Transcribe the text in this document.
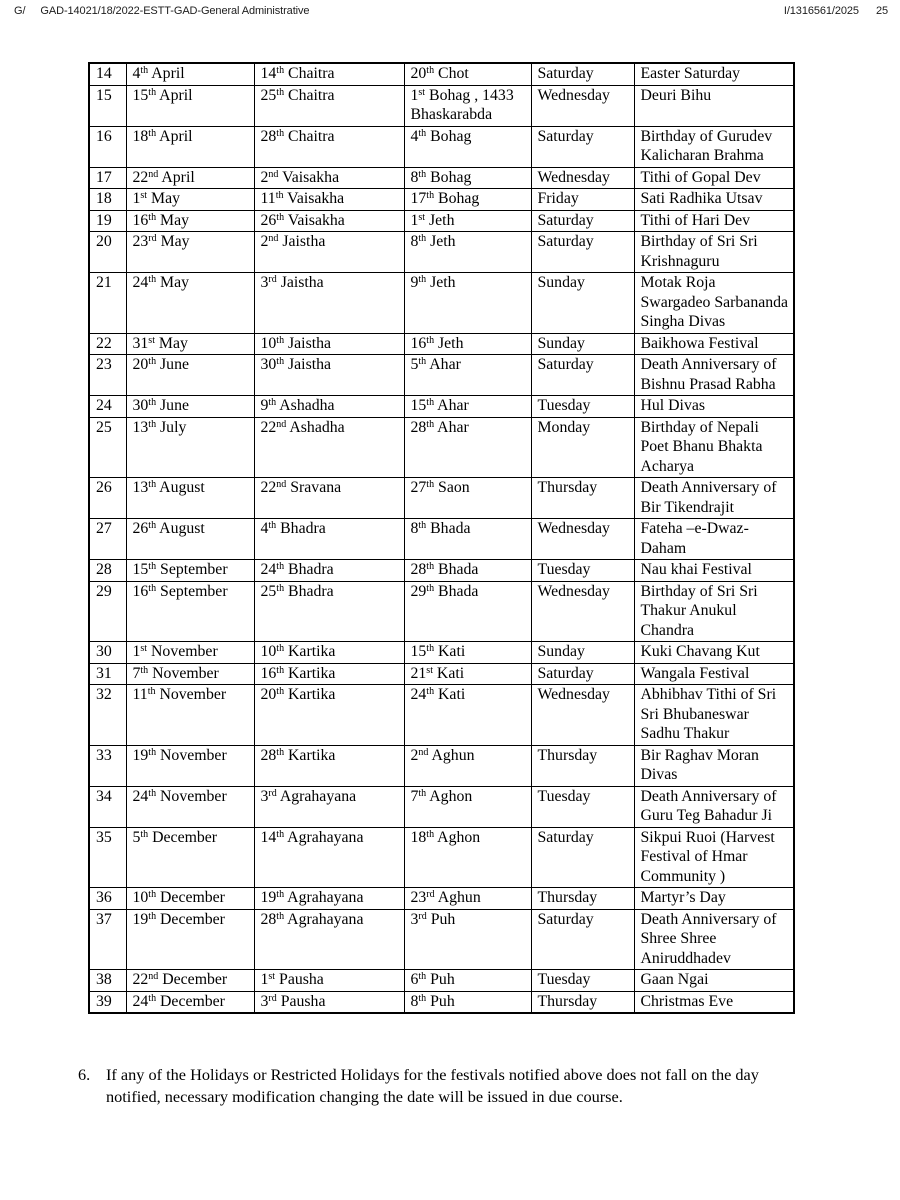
G/ GAD-14021/18/2022-ESTT-GAD-General Administrative	I/1316561/2025 25
14	4th April	14th Chaitra	20th Chot	Saturday	Easter Saturday
15	15th April	25th Chaitra	1st Bohag , 1433 Bhaskarabda	Wednesday	Deuri Bihu
16	18th April	28th Chaitra	4th Bohag	Saturday	Birthday of Gurudev Kalicharan Brahma
17	22nd April	2nd Vaisakha	8th Bohag	Wednesday	Tithi of Gopal Dev
18	1st May	11th Vaisakha	17th Bohag	Friday	Sati Radhika Utsav
19	16th May	26th Vaisakha	1st Jeth	Saturday	Tithi of Hari Dev
20	23rd May	2nd Jaistha	8th Jeth	Saturday	Birthday of Sri Sri Krishnaguru
21	24th May	3rd Jaistha	9th Jeth	Sunday	Motak Roja Swargadeo Sarbananda Singha Divas
22	31st May	10th Jaistha	16th Jeth	Sunday	Baikhowa Festival
23	20th June	30th Jaistha	5th Ahar	Saturday	Death Anniversary of Bishnu Prasad Rabha
24	30th June	9th Ashadha	15th Ahar	Tuesday	Hul Divas
25	13th July	22nd Ashadha	28th Ahar	Monday	Birthday of Nepali Poet Bhanu Bhakta Acharya
26	13th August	22nd Sravana	27th Saon	Thursday	Death Anniversary of Bir Tikendrajit
27	26th August	4th Bhadra	8th Bhada	Wednesday	Fateha –e-Dwaz-Daham
28	15th September	24th Bhadra	28th Bhada	Tuesday	Nau khai Festival
29	16th September	25th Bhadra	29th Bhada	Wednesday	Birthday of Sri Sri Thakur Anukul Chandra
30	1st November	10th Kartika	15th Kati	Sunday	Kuki Chavang Kut
31	7th November	16th Kartika	21st Kati	Saturday	Wangala Festival
32	11th November	20th Kartika	24th Kati	Wednesday	Abhibhav Tithi of Sri Sri Bhubaneswar Sadhu Thakur
33	19th November	28th Kartika	2nd Aghun	Thursday	Bir Raghav Moran Divas
34	24th November	3rd Agrahayana	7th Aghon	Tuesday	Death Anniversary of Guru Teg Bahadur Ji
35	5th December	14th Agrahayana	18th Aghon	Saturday	Sikpui Ruoi (Harvest Festival of Hmar Community )
36	10th December	19th Agrahayana	23rd Aghun	Thursday	Martyr’s Day
37	19th December	28th Agrahayana	3rd Puh	Saturday	Death Anniversary of Shree Shree Aniruddhadev
38	22nd December	1st Pausha	6th Puh	Tuesday	Gaan Ngai
39	24th December	3rd Pausha	8th Puh	Thursday	Christmas Eve
6. If any of the Holidays or Restricted Holidays for the festivals notified above does not fall on the day notified, necessary modification changing the date will be issued in due course.
